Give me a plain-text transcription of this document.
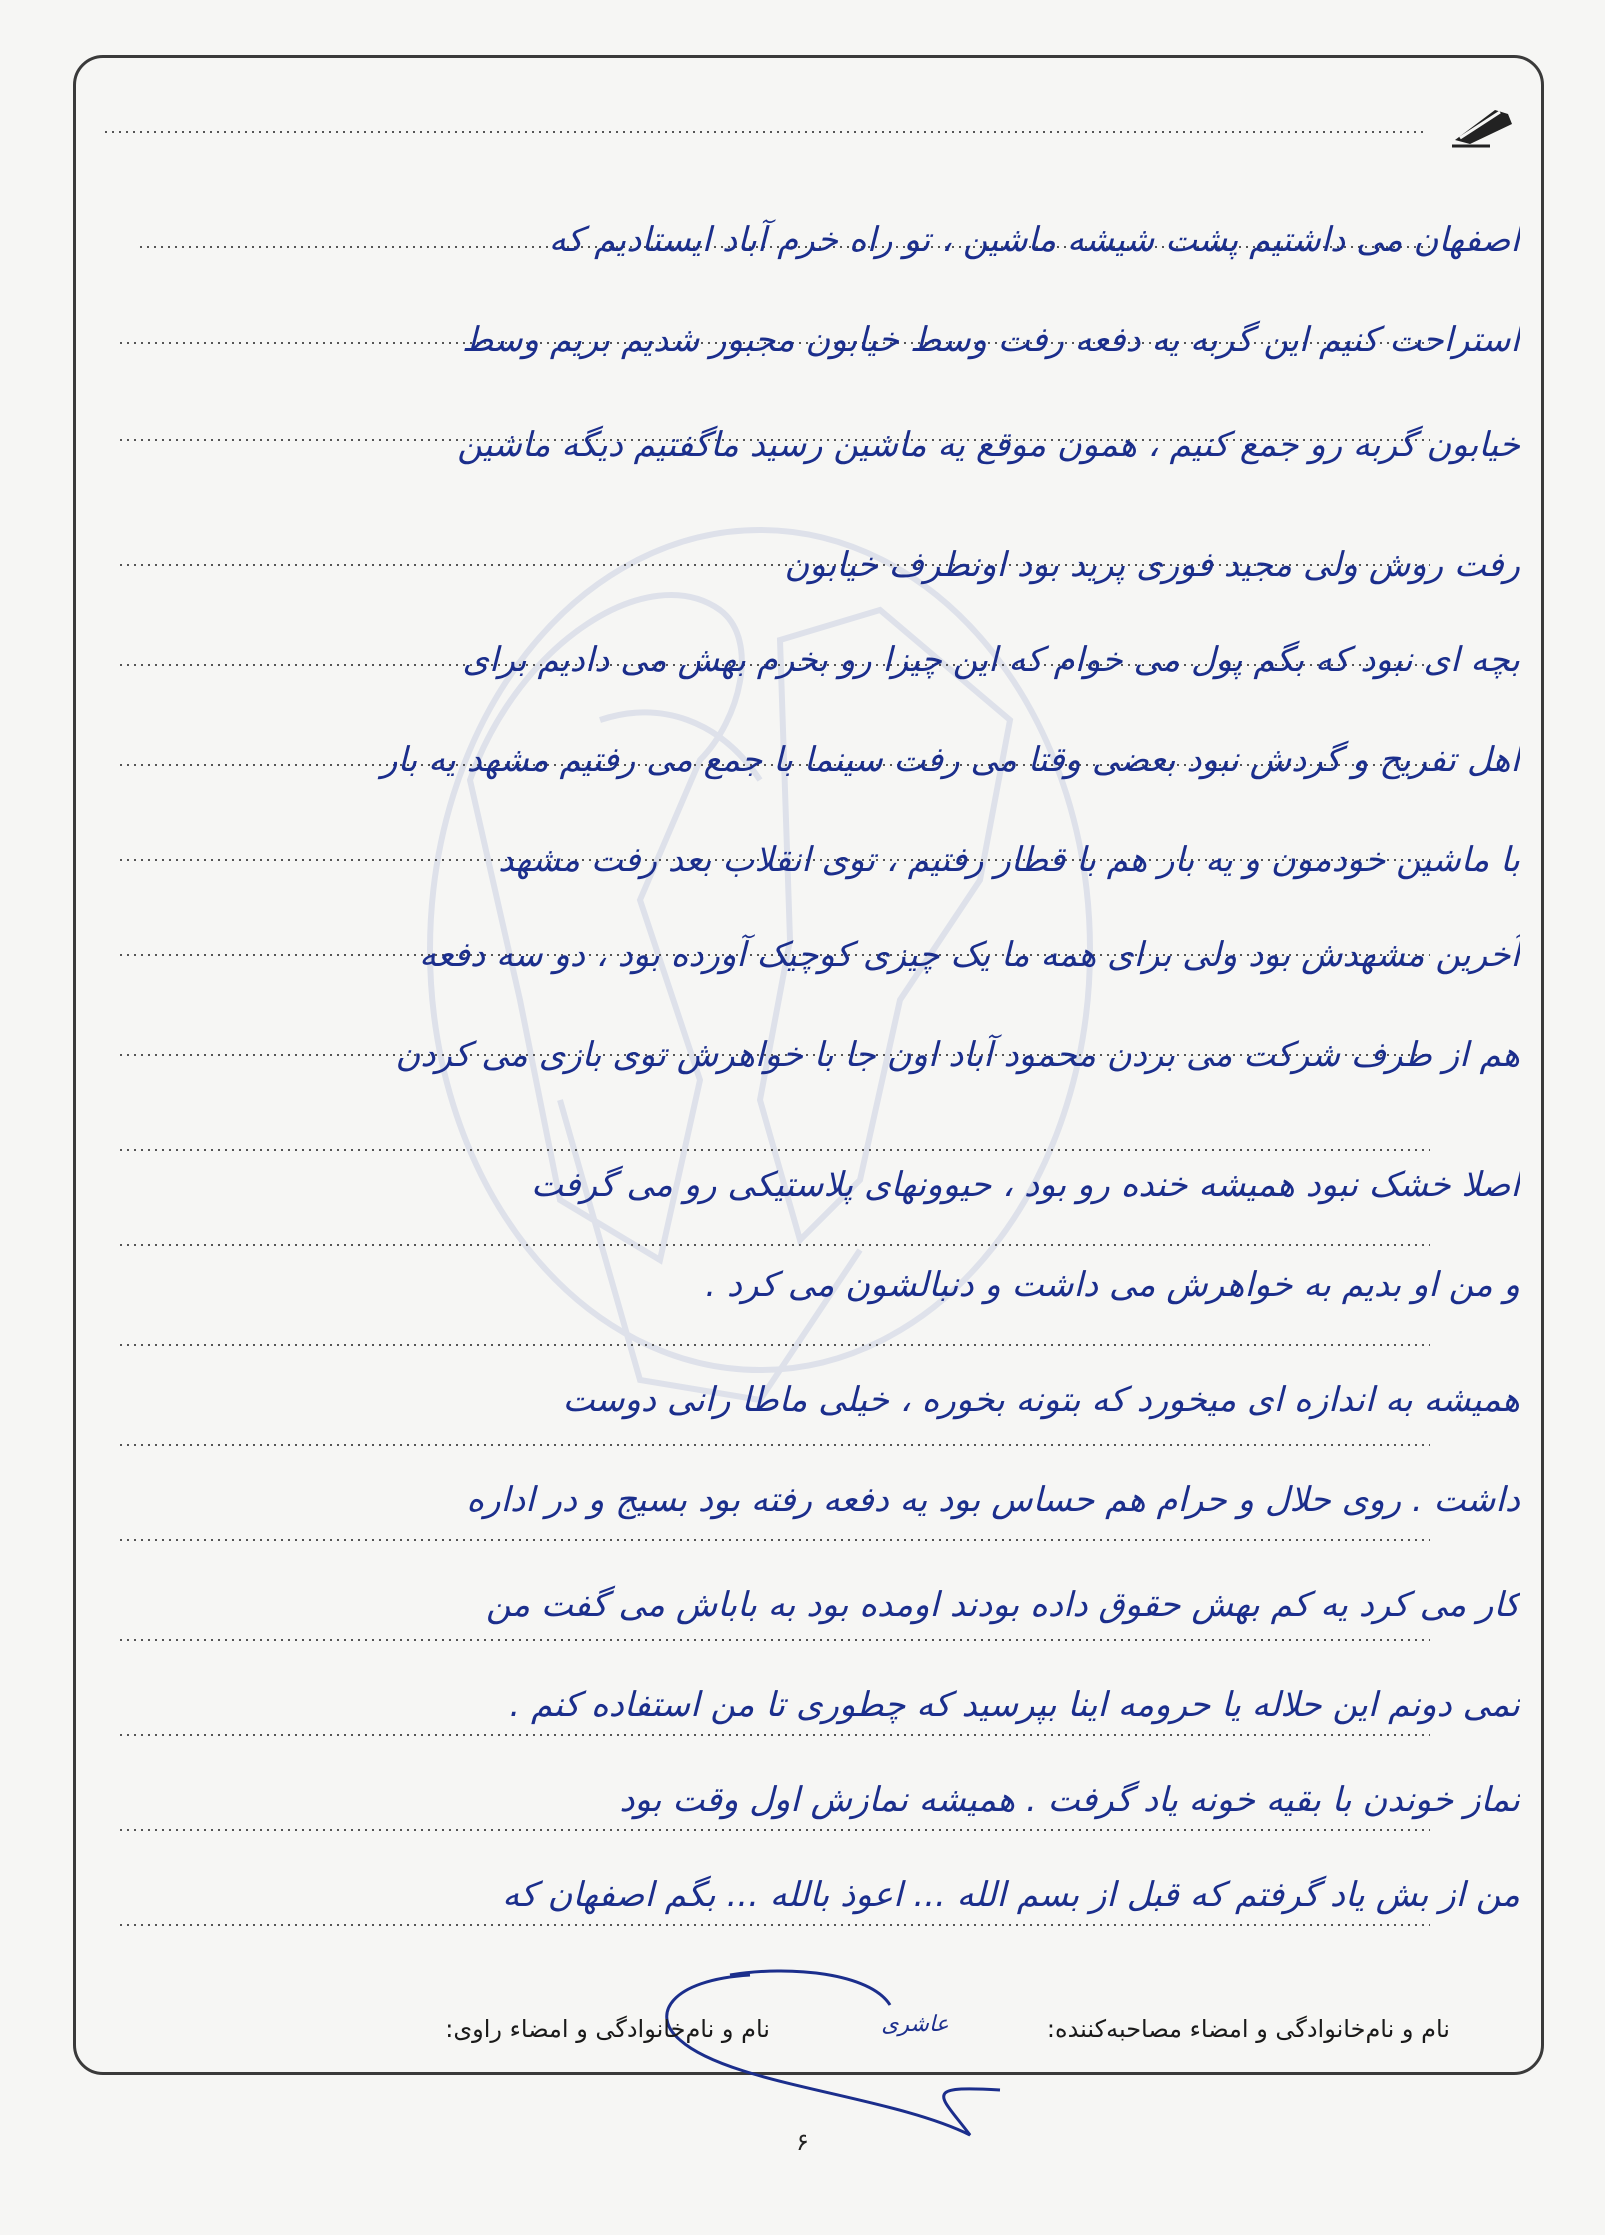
اصفهان می داشتیم پشت شیشه ماشین ، تو راه خرم آباد ایستادیم که
استراحت کنیم این گربه یه دفعه رفت وسط خیابون مجبور شدیم بریم وسط
خیابون گربه رو جمع کنیم ، همون موقع یه ماشین رسید ماگفتیم دیگه ماشین
رفت روش ولی مجید فوری پرید بود اونطرف خیابون
بچه ای نبود که بگم پول می خوام که این چیزا رو بخرم بهش می دادیم برای
اهل تفریح و گردش نبود بعضی وقتا می رفت سینما با جمع می رفتیم مشهد یه بار
با ماشین خودمون و یه بار هم با قطار رفتیم ، توی انقلاب بعد رفت مشهد
آخرین مشهدش بود ولی برای همه ما یک چیزی کوچیک آورده بود ، دو سه دفعه
هم از طرف شرکت می بردن محمود آباد اون جا با خواهرش توی بازی می کردن
اصلا خشک نبود همیشه خنده رو بود ، حیوونهای پلاستیکی رو می گرفت
و من او بدیم به خواهرش می داشت و دنبالشون می کرد .
همیشه به اندازه ای میخورد که بتونه بخوره ، خیلی ماطا رانی دوست
داشت . روی حلال و حرام هم حساس بود یه دفعه رفته بود بسیج و در اداره
کار می کرد یه کم بهش حقوق داده بودند اومده بود به باباش می گفت من
نمی دونم این حلاله یا حرومه اینا بپرسید که چطوری تا من استفاده کنم .
نماز خوندن با بقیه خونه یاد گرفت . همیشه نمازش اول وقت بود
من از بش یاد گرفتم که قبل از بسم الله ... اعوذ بالله ... بگم اصفهان که
نام و نام‌خانوادگی و امضاء مصاحبه‌کننده:
عاشری
نام و نام‌خانوادگی و امضاء راوی:
۶
